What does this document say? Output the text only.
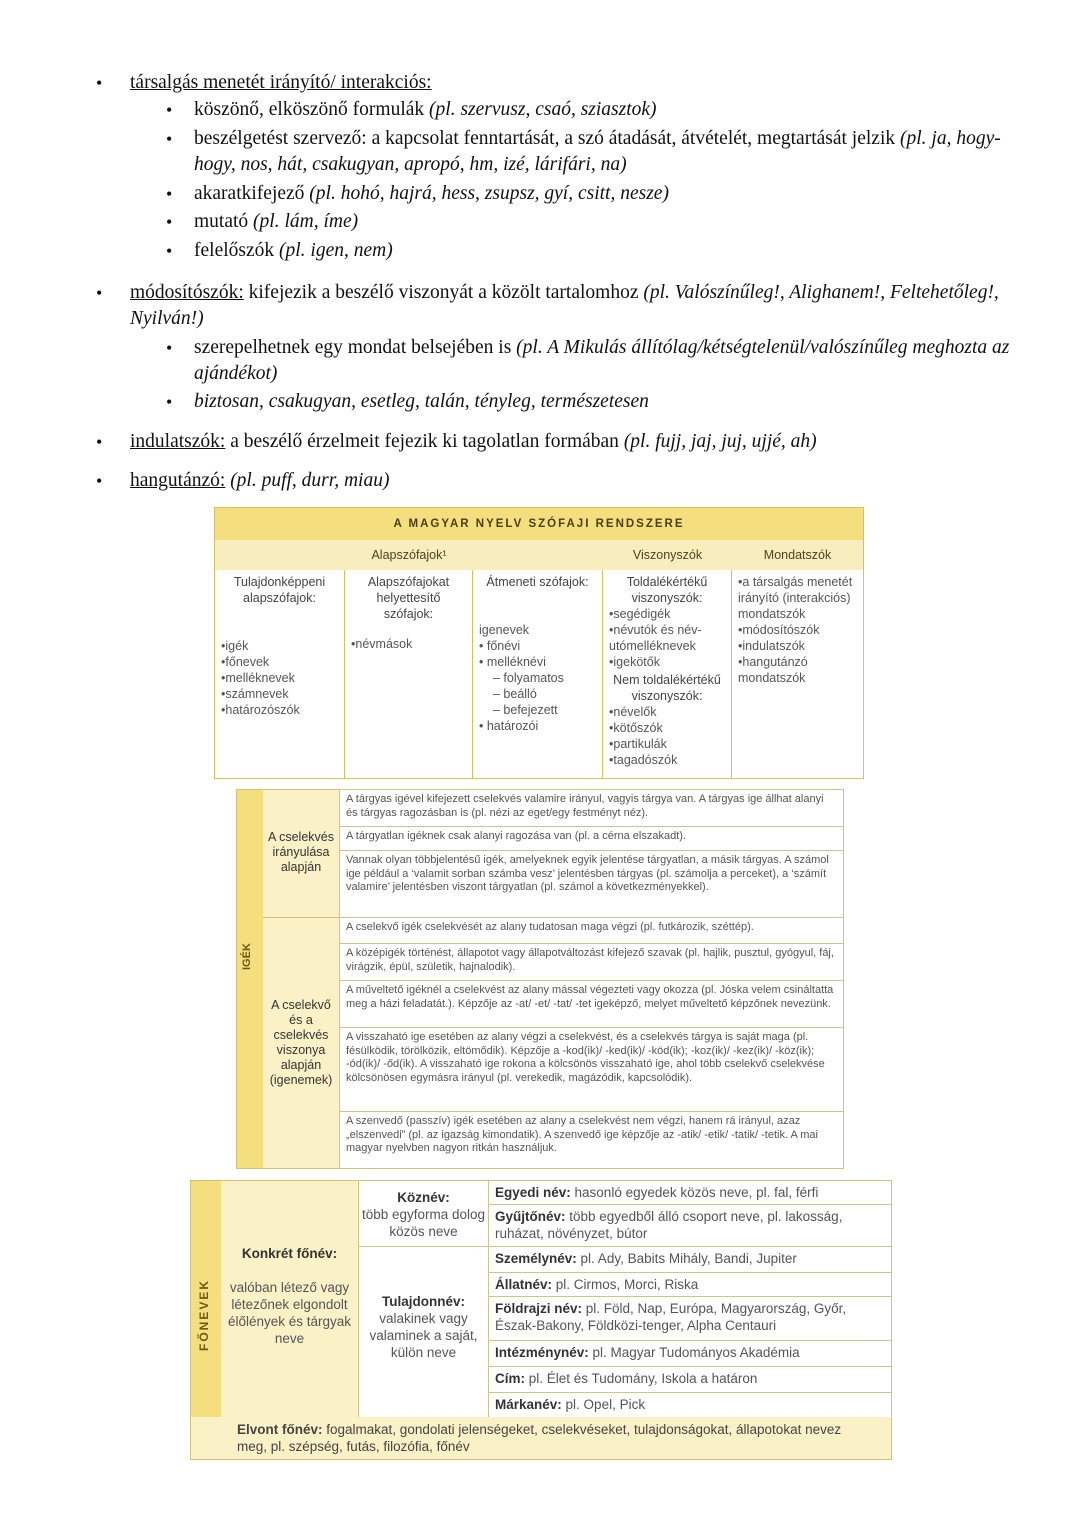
• társalgás menetét irányító/ interakciós:
• köszönő, elköszönő formulák (pl. szervusz, csaó, sziasztok)
• beszélgetést szervező: a kapcsolat fenntartását, a szó átadását, átvételét, megtartását jelzik (pl. ja, hogy-hogy, nos, hát, csakugyan, apropó, hm, izé, lárifári, na)
• akaratkifejező (pl. hohó, hajrá, hess, zsupsz, gyí, csitt, nesze)
• mutató (pl. lám, íme)
• felelőszók (pl. igen, nem)
• módosítószók: kifejezik a beszélő viszonyát a közölt tartalomhoz (pl. Valószínűleg!, Alighanem!, Feltehetőleg!, Nyilván!)
• szerepelhetnek egy mondat belsejében is (pl. A Mikulás állítólag/kétségtelenül/valószínűleg meghozta az ajándékot)
• biztosan, csakugyan, esetleg, talán, tényleg, természetesen
• indulatszók: a beszélő érzelmeit fejezik ki tagolatlan formában (pl. fujj, jaj, juj, ujjé, ah)
• hangutánzó: (pl. puff, durr, miau)
A MAGYAR NYELV SZÓFAJI RENDSZERE
Alapszófajok¹	Viszonyszók	Mondatszók
Tulajdonképpeni alapszófajok:
• igék
• főnevek
• melléknevek
• számnevek
• határozószók
Alapszófajokat helyettesítő szófajok:
• névmások
Átmeneti szófajok:
igenevek
• főnévi
• melléknévi
– folyamatos
– beálló
– befejezett
• határozói
Toldalékértékű viszonyszók:
• segédigék
• névutók és név-utómelléknevek
• igekötők
Nem toldalékértékű viszonyszók:
• névelők
• kötőszók
• partikulák
• tagadószók
• a társalgás menetét irányító (interakciós) mondatszók
• módosítószók
• indulatszók
• hangutánzó mondatszók
IGÉK
A cselekvés irányulása alapján
A cselekvő és a cselekvés viszonya alapján (igenemek)
A tárgyas igével kifejezett cselekvés valamire irányul, vagyis tárgya van. A tárgyas ige állhat alanyi és tárgyas ragozásban is (pl. nézi az eget/egy festményt néz).
A tárgyatlan igéknek csak alanyi ragozása van (pl. a cérna elszakadt).
Vannak olyan többjelentésű igék, amelyeknek egyik jelentése tárgyatlan, a másik tárgyas. A számol ige például a ‘valamit sorban számba vesz’ jelentésben tárgyas (pl. számolja a perceket), a ‘számít valamire’ jelentésben viszont tárgyatlan (pl. számol a következményekkel).
A cselekvő igék cselekvését az alany tudatosan maga végzi (pl. futkározik, széttép).
A középigék történést, állapotot vagy állapotváltozást kifejező szavak (pl. hajlik, pusztul, gyógyul, fáj, virágzik, épül, születik, hajnalodik).
A műveltető igéknél a cselekvést az alany mással végezteti vagy okozza (pl. Jóska velem csináltatta meg a házi feladatát.). Képzője az -at/ -et/ -tat/ -tet igeképző, melyet műveltető képzőnek nevezünk.
A visszaható ige esetében az alany végzi a cselekvést, és a cselekvés tárgya is saját maga (pl. fésülködik, törölközik, eltömődik). Képzője a -kod(ik)/ -ked(ik)/ -köd(ik); -koz(ik)/ -kez(ik)/ -köz(ik); -ód(ik)/ -őd(ik). A visszaható ige rokona a kölcsönös visszaható ige, ahol több cselekvő cselekvése kölcsönösen egymásra irányul (pl. verekedik, magázódik, kapcsolódik).
A szenvedő (passzív) igék esetében az alany a cselekvést nem végzi, hanem rá irányul, azaz „elszenvedi” (pl. az igazság kimondatik). A szenvedő ige képzője az -atik/ -etik/ -tatik/ -tetik. A mai magyar nyelvben nagyon ritkán használjuk.
FŐNEVEK
Konkrét főnév:

valóban létező vagy létezőnek elgondolt élőlények és tárgyak neve
Köznév:
több egyforma dolog közös neve
Tulajdonnév:
valakinek vagy valaminek a saját, külön neve
Egyedi név: hasonló egyedek közös neve, pl. fal, férfi
Gyűjtőnév: több egyedből álló csoport neve, pl. lakosság, ruházat, növényzet, bútor
Személynév: pl. Ady, Babits Mihály, Bandi, Jupiter
Állatnév: pl. Cirmos, Morci, Riska
Földrajzi név: pl. Föld, Nap, Európa, Magyarország, Győr, Észak-Bakony, Földközi-tenger, Alpha Centauri
Intézménynév: pl. Magyar Tudományos Akadémia
Cím: pl. Élet és Tudomány, Iskola a határon
Márkanév: pl. Opel, Pick
Elvont főnév: fogalmakat, gondolati jelenségeket, cselekvéseket, tulajdonságokat, állapotokat nevez meg, pl. szépség, futás, filozófia, főnév
